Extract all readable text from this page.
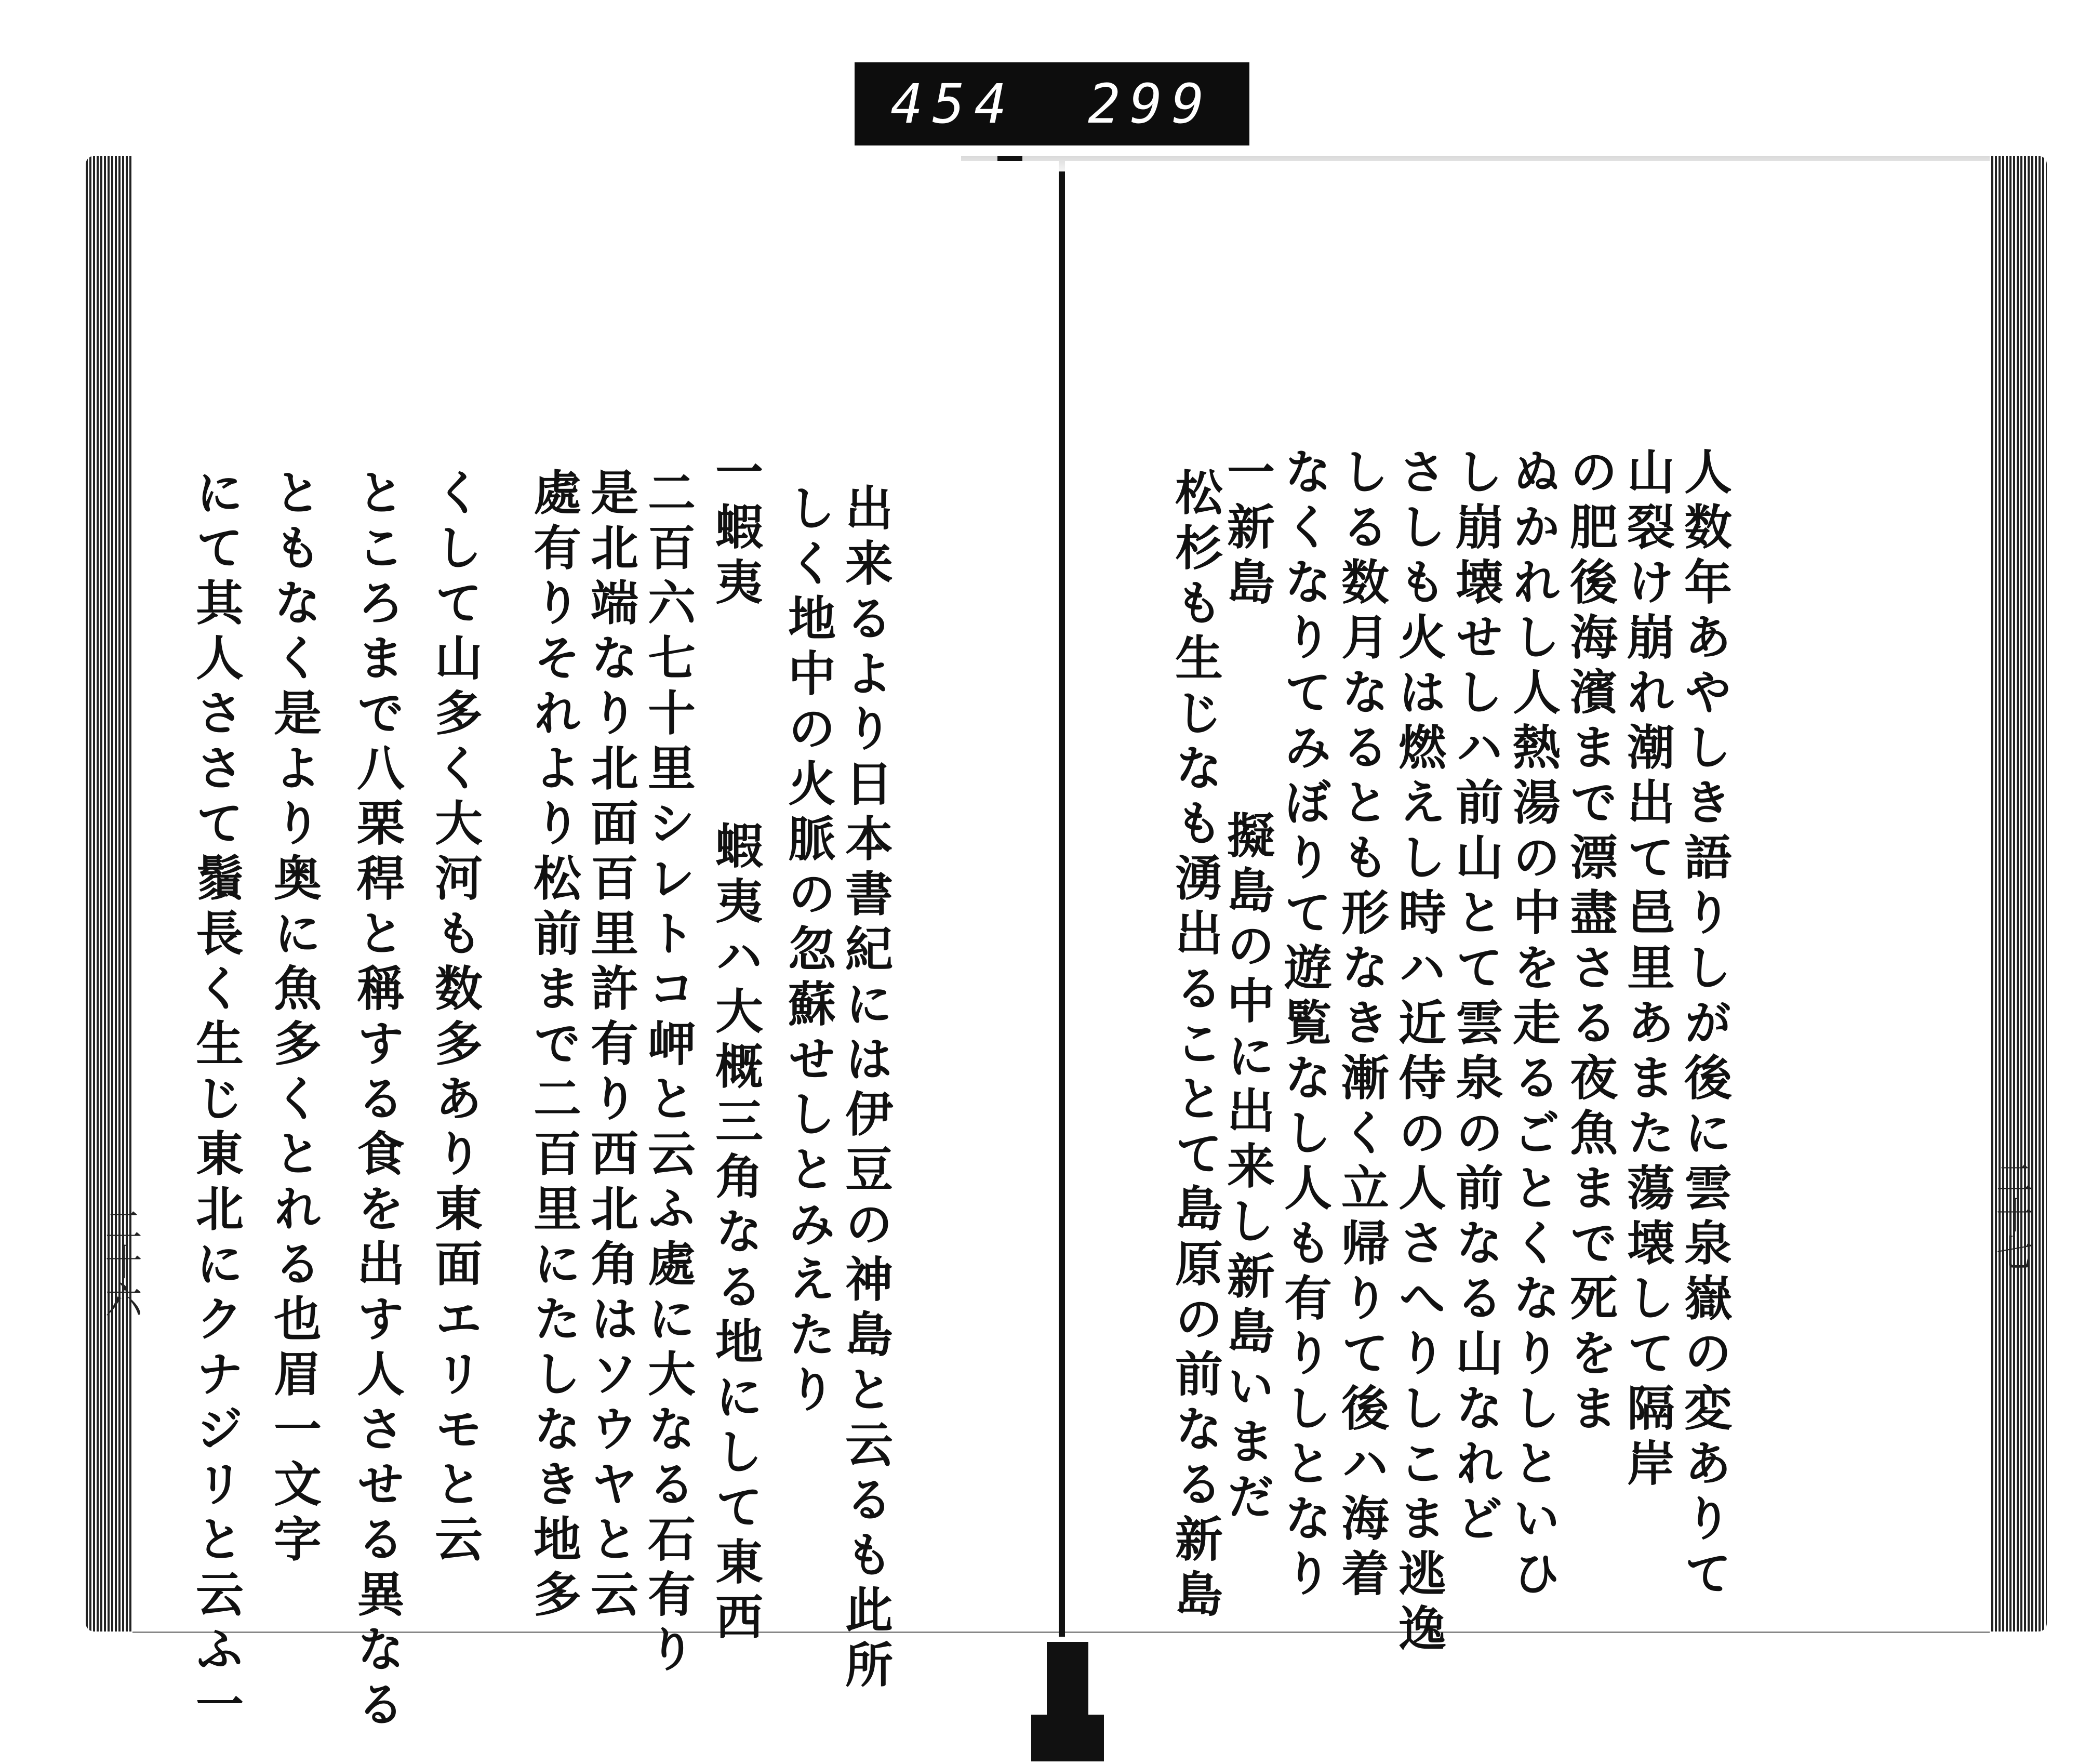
454 299
人数年あやしき語りしが後に雲泉嶽の変ありて
山裂け崩れ潮出て邑里あまた蕩壊して隔岸
の肥後海濱まで漂盡さる夜魚まで死をま
ぬかれし人熱湯の中を走るごとくなりしといひ
し崩壊せしハ前山とて雲泉の前なる山なれど
さしも火は燃えし時ハ近侍の人さへりしこま逃逸
しる数月なるとも形なき漸く立帰りて後ハ海着
なくなりてみぼりて遊覧なし人も有りしとなり
一新島
擬島の中に出来し新島いまだ
松杉も生じなも湧出ることて島原の前なる新島	二十七
出来るより日本書紀には伊豆の神島と云るも此所
しく地中の火脈の忽蘇せしとみえたり
一蝦夷
蝦夷ハ大概三角なる地にして東西
二百六七十里シレトコ岬と云ふ處に大なる石有り
是北端なり北面百里許有り西北角はソウヤと云
處有りそれより松前まで二百里にたしなき地多
くして山多く大河も数多あり東面エリモと云
ところまで八栗稈と稱する食を出す人させる異なる
ともなく是より奥に魚多くとれる也眉一文字
にて其人ささて鬚長く生じ東北にクナジリと云ふ一
二十六
